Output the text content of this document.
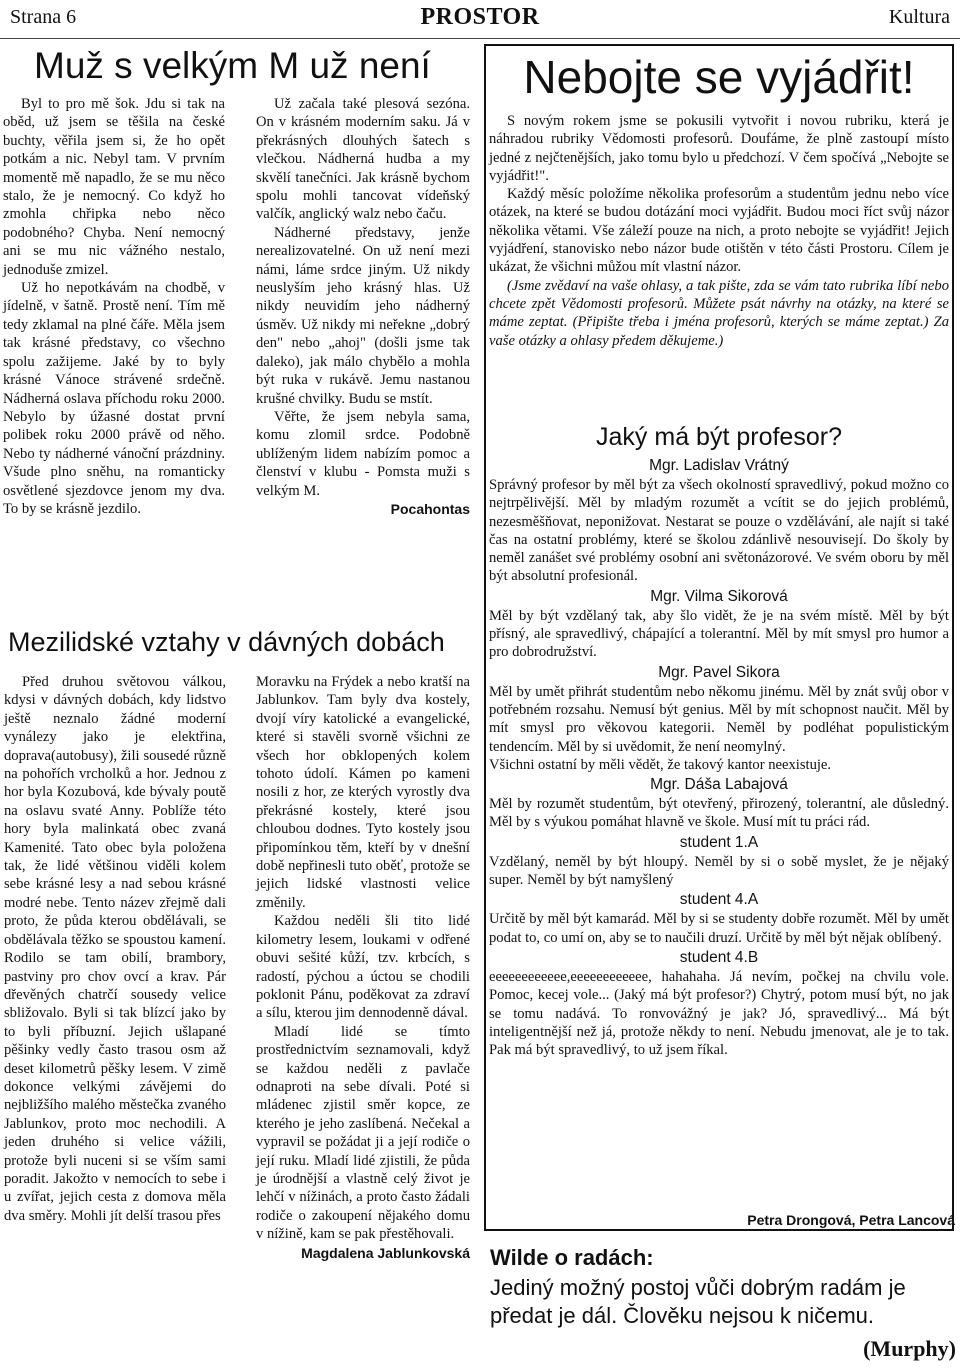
Strana 6	PROSTOR	Kultura
Muž s velkým M už není

Byl to pro mě šok. Jdu si tak na oběd, už jsem se těšila na české buchty, věřila jsem si, že ho opět potkám a nic. Nebyl tam. V prvním momentě mě napadlo, že se mu něco stalo, že je nemocný. Co když ho zmohla chřipka nebo něco podobného? Chyba. Není nemocný ani se mu nic vážného nestalo, jednoduše zmizel.

Už ho nepotkávám na chodbě, v jídelně, v šatně. Prostě není. Tím mě tedy zklamal na plné čáře. Měla jsem tak krásné představy, co všechno spolu zažijeme. Jaké by to byly krásné Vánoce strávené srdečně. Nádherná oslava příchodu roku 2000. Nebylo by úžasné dostat první polibek roku 2000 právě od něho. Nebo ty nádherné vánoční prázdniny. Všude plno sněhu, na romanticky osvětlené sjezdovce jenom my dva. To by se krásně jezdilo.

Už začala také plesová sezóna. On v krásném moderním saku. Já v překrásných dlouhých šatech s vlečkou. Nádherná hudba a my skvělí tanečníci. Jak krásně bychom spolu mohli tancovat vídeňský valčík, anglický walz nebo čaču.

Nádherné představy, jenže nerealizovatelné. On už není mezi námi, láme srdce jiným. Už nikdy neuslyším jeho krásný hlas. Už nikdy neuvidím jeho nádherný úsměv. Už nikdy mi neřekne „dobrý den" nebo „ahoj" (došli jsme tak daleko), jak málo chybělo a mohla být ruka v rukávě. Jemu nastanou krušné chvilky. Budu se mstít.

Věřte, že jsem nebyla sama, komu zlomil srdce. Podobně ublíženým lidem nabízím pomoc a členství v klubu - Pomsta muži s velkým M.

Pocahontas

Mezilidské vztahy v dávných dobách

Před druhou světovou válkou, kdysi v dávných dobách, kdy lidstvo ještě neznalo žádné moderní vynálezy jako je elektřina, doprava(autobusy), žili sousedé různě na pohořích vrcholků a hor. Jednou z hor byla Kozubová, kde bývaly poutě na oslavu svaté Anny. Poblíže této hory byla malinkatá obec zvaná Kamenité. Tato obec byla položena tak, že lidé většinou viděli kolem sebe krásné lesy a nad sebou krásné modré nebe. Tento název zřejmě dali proto, že půda kterou obdělávali, se obdělávala těžko se spoustou kamení. Rodilo se tam obilí, brambory, pastviny pro chov ovcí a krav. Pár dřevěných chatrčí sousedy velice sbližovalo. Byli si tak blízcí jako by to byli příbuzní. Jejich ušlapané pěšinky vedly často trasou osm až deset kilometrů pěšky lesem. V zimě dokonce velkými závějemi do nejbližšího malého městečka zvaného Jablunkov, proto moc nechodili. A jeden druhého si velice vážili, protože byli nuceni si se vším sami poradit. Jakožto v nemocích to sebe i u zvířat, jejich cesta z domova měla dva směry. Mohli jít delší trasou přes

Moravku na Frýdek a nebo kratší na Jablunkov. Tam byly dva kostely, dvojí víry katolické a evangelické, které si stavěli svorně všichni ze všech hor obklopených kolem tohoto údolí. Kámen po kameni nosili z hor, ze kterých vyrostly dva překrásné kostely, které jsou chloubou dodnes. Tyto kostely jsou připomínkou těm, kteří by v dnešní době nepřinesli tuto oběť, protože se jejich lidské vlastnosti velice změnily.

Každou neděli šli tito lidé kilometry lesem, loukami v odřené obuvi sešité kůží, tzv. krbcích, s radostí, pýchou a úctou se chodili poklonit Pánu, poděkovat za zdraví a sílu, kterou jim dennodenně dával.

Mladí lidé se tímto prostřednictvím seznamovali, když se každou neděli z pavlače odnaproti na sebe dívali. Poté si mládenec zjistil směr kopce, ze kterého je jeho zaslíbená. Nečekal a vypravil se požádat ji a její rodiče o její ruku. Mladí lidé zjistili, že půda je úrodnější a vlastně celý život je lehčí v nížinách, a proto často žádali rodiče o zakoupení nějakého domu v nížině, kam se pak přestěhovali.

Magdalena Jablunkovská

Nebojte se vyjádřit!

S novým rokem jsme se pokusili vytvořit i novou rubriku, která je náhradou rubriky Vědomosti profesorů. Doufáme, že plně zastoupí místo jedné z nejčtenějších, jako tomu bylo u předchozí. V čem spočívá „Nebojte se vyjádřit!".

Každý měsíc položíme několika profesorům a studentům jednu nebo více otázek, na které se budou dotázání moci vyjádřit. Budou moci říct svůj názor několika větami. Vše záleží pouze na nich, a proto nebojte se vyjádřit! Jejich vyjádření, stanovisko nebo názor bude otištěn v této části Prostoru. Cílem je ukázat, že všichni můžou mít vlastní názor.

(Jsme zvědaví na vaše ohlasy, a tak pište, zda se vám tato rubrika líbí nebo chcete zpět Vědomosti profesorů. Můžete psát návrhy na otázky, na které se máme zeptat. (Připište třeba i jména profesorů, kterých se máme zeptat.) Za vaše otázky a ohlasy předem děkujeme.)

Jaký má být profesor?

Mgr. Ladislav Vrátný

Správný profesor by měl být za všech okolností spravedlivý, pokud možno co nejtrpělivější. Měl by mladým rozumět a vcítit se do jejich problémů, nezesměšňovat, neponižovat. Nestarat se pouze o vzdělávání, ale najít si také čas na ostatní problémy, které se školou zdánlivě nesouvisejí. Do školy by neměl zanášet své problémy osobní ani světonázorové. Ve svém oboru by měl být absolutní profesionál.

Mgr. Vilma Sikorová

Měl by být vzdělaný tak, aby šlo vidět, že je na svém místě. Měl by být přísný, ale spravedlivý, chápající a tolerantní. Měl by mít smysl pro humor a pro dobrodružství.

Mgr. Pavel Sikora

Měl by umět přihrát studentům nebo někomu jinému. Měl by znát svůj obor v potřebném rozsahu. Nemusí být genius. Měl by mít schopnost naučit. Měl by mít smysl pro věkovou kategorii. Neměl by podléhat populistickým tendencím. Měl by si uvědomit, že není neomylný.

Všichni ostatní by měli vědět, že takový kantor neexistuje.

Mgr. Dáša Labajová

Měl by rozumět studentům, být otevřený, přirozený, tolerantní, ale důsledný. Měl by s výukou pomáhat hlavně ve škole. Musí mít tu práci rád.

student 1.A

Vzdělaný, neměl by být hloupý. Neměl by si o sobě myslet, že je nějaký super. Neměl by být namyšlený

student 4.A

Určitě by měl být kamarád. Měl by si se studenty dobře rozumět. Měl by umět podat to, co umí on, aby se to naučili druzí. Určitě by měl být nějak oblíbený.

student 4.B

eeeeeeeeeeee,eeeeeeeeeeee, hahahaha. Já nevím, počkej na chvilu vole. Pomoc, kecej vole... (Jaký má být profesor?) Chytrý, potom musí být, no jak se tomu nadává. To ronvovážný je jak? Jó, spravedlivý... Má být inteligentnější než já, protože někdy to není. Nebudu jmenovat, ale je to tak. Pak má být spravedlivý, to už jsem říkal.

Petra Drongová, Petra Lancová
Wilde o radách:
Jediný možný postoj vůči dobrým radám je předat je dál. Člověku nejsou k ničemu.
(Murphy)
